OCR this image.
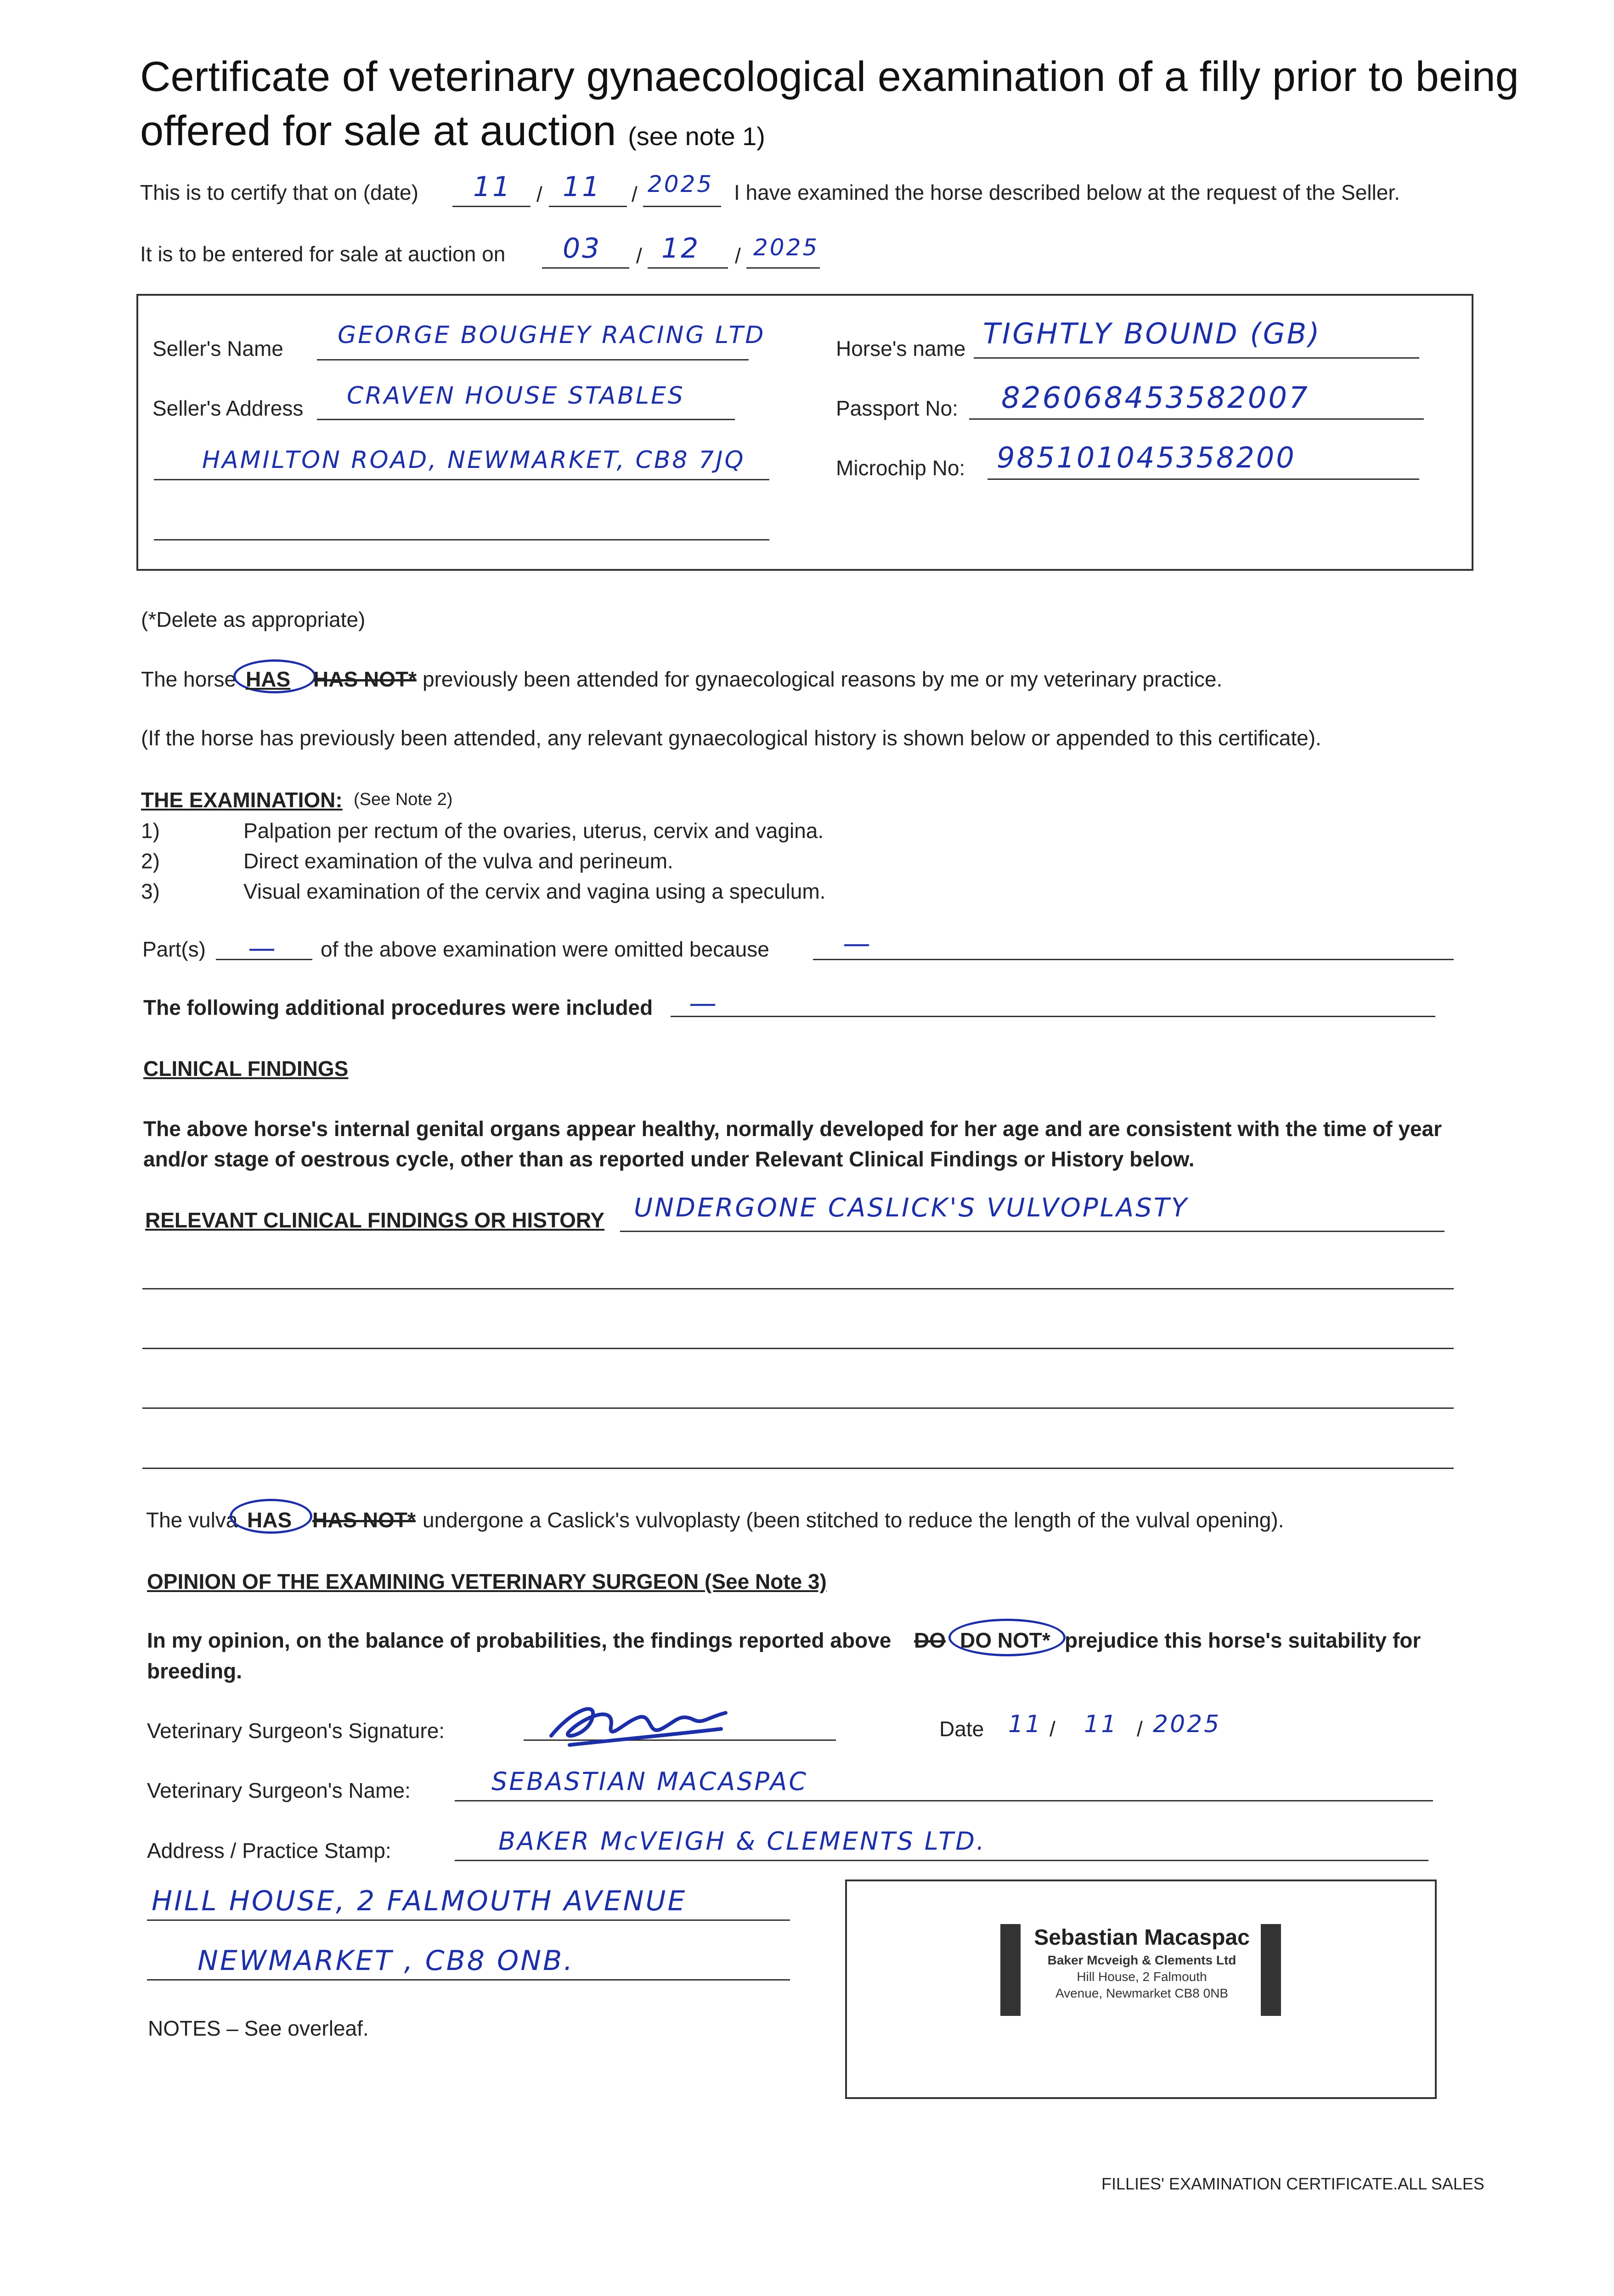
Certificate of veterinary gynaecological examination of a filly prior to being offered for sale at auction (see note 1)
This is to certify that on (date) 11 / 11 / 2025 I have examined the horse described below at the request of the Seller.
It is to be entered for sale at auction on 03 / 12 / 2025
Seller's Name GEORGE BOUGHEY RACING LTD
Seller's Address CRAVEN HOUSE STABLES
HAMILTON ROAD, NEWMARKET, CB8 7JQ
Horse's name TIGHTLY BOUND (GB)
Passport No: 826068453582007
Microchip No: 985101045358200
(*Delete as appropriate)
The horse HAS HAS NOT* previously been attended for gynaecological reasons by me or my veterinary practice.
(If the horse has previously been attended, any relevant gynaecological history is shown below or appended to this certificate).
THE EXAMINATION: (See Note 2)
1)	Palpation per rectum of the ovaries, uterus, cervix and vagina.
2)	Direct examination of the vulva and perineum.
3)	Visual examination of the cervix and vagina using a speculum.
Part(s) — of the above examination were omitted because	—
The following additional procedures were included —
CLINICAL FINDINGS
The above horse's internal genital organs appear healthy, normally developed for her age and are consistent with the time of year and/or stage of oestrous cycle, other than as reported under Relevant Clinical Findings or History below.
RELEVANT CLINICAL FINDINGS OR HISTORY UNDERGONE CASLICK'S VULVOPLASTY
The vulva HAS HAS NOT* undergone a Caslick's vulvoplasty (been stitched to reduce the length of the vulval opening).
OPINION OF THE EXAMINING VETERINARY SURGEON (See Note 3)
In my opinion, on the balance of probabilities, the findings reported above DO DO NOT* prejudice this horse's suitability for
breeding.
Veterinary Surgeon's Signature:	Date 11 / 11 / 2025
Veterinary Surgeon's Name:	SEBASTIAN MACASPAC
Address / Practice Stamp:	BAKER McVEIGH & CLEMENTS LTD.
HILL HOUSE, 2 FALMOUTH AVENUE
NEWMARKET , CB8 ONB.
Sebastian Macaspac
Baker Mcveigh & Clements Ltd
Hill House, 2 Falmouth
Avenue, Newmarket CB8 0NB
NOTES – See overleaf.
FILLIES' EXAMINATION CERTIFICATE.ALL SALES
